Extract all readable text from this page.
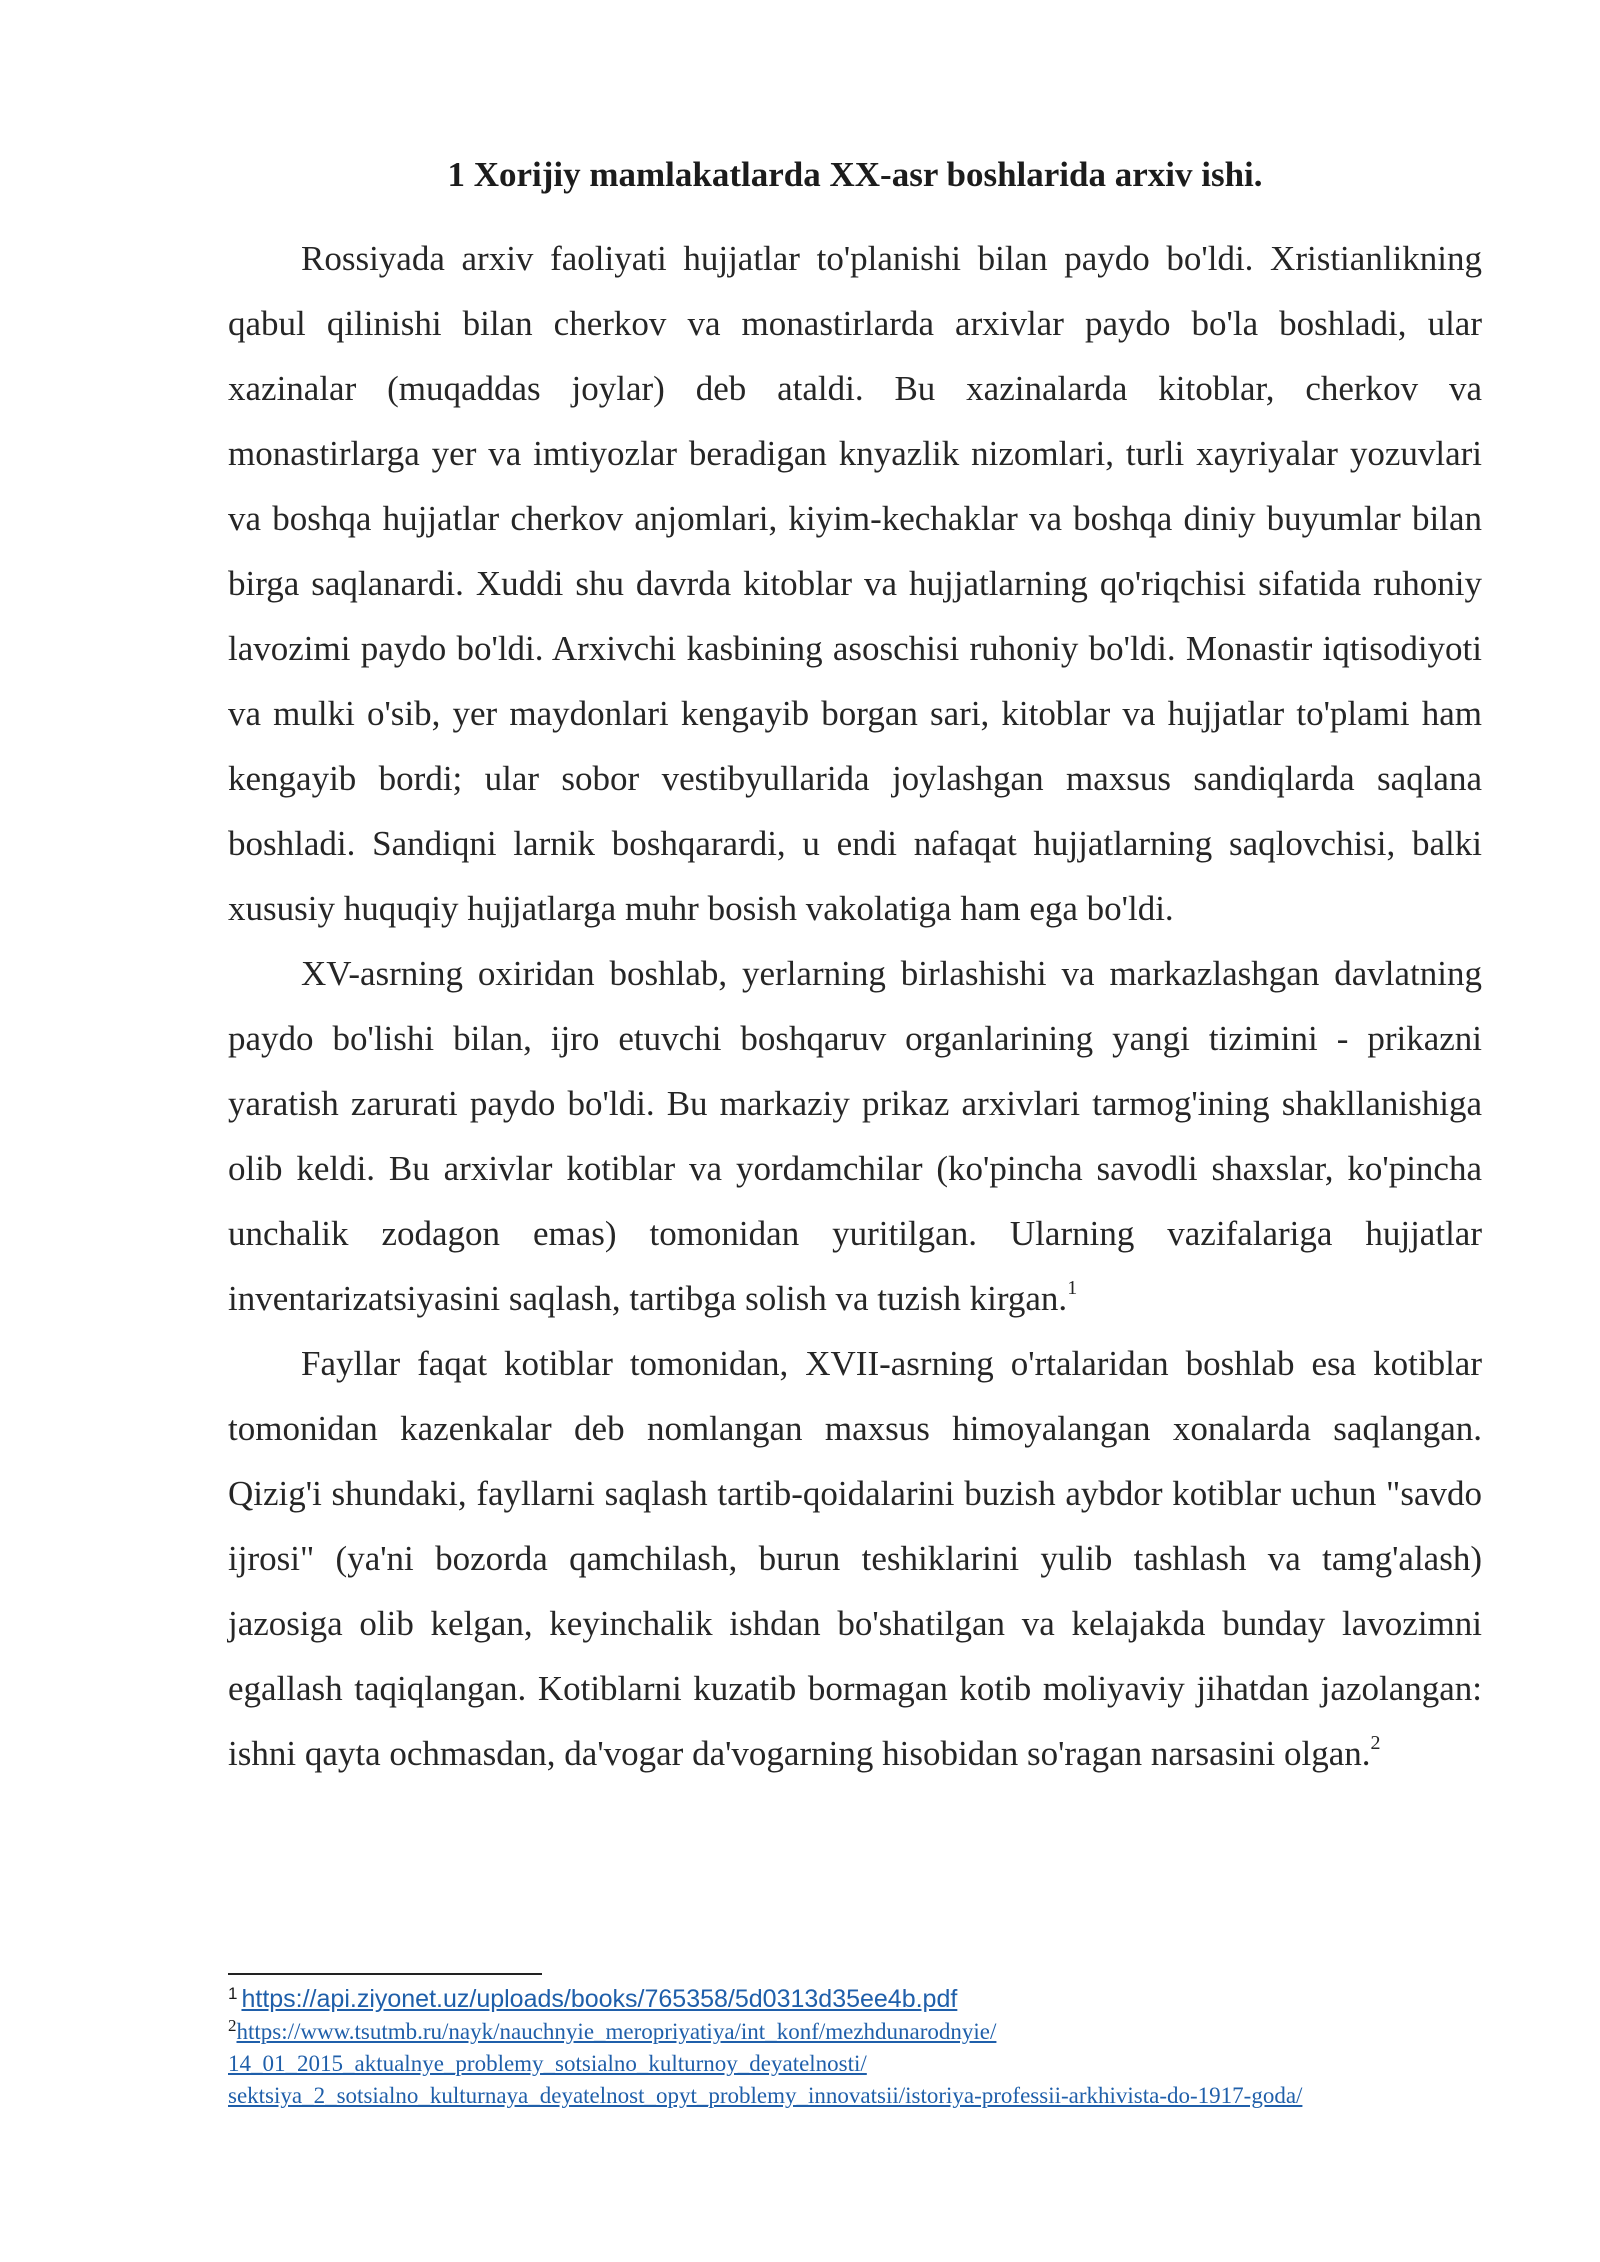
1 Xorijiy mamlakatlarda XX-asr boshlarida arxiv ishi.

Rossiyada arxiv faoliyati hujjatlar to'planishi bilan paydo bo'ldi. Xristianlikning qabul qilinishi bilan cherkov va monastirlarda arxivlar paydo bo'la boshladi, ular xazinalar (muqaddas joylar) deb ataldi. Bu xazinalarda kitoblar, cherkov va monastirlarga yer va imtiyozlar beradigan knyazlik nizomlari, turli xayriyalar yozuvlari va boshqa hujjatlar cherkov anjomlari, kiyim-kechaklar va boshqa diniy buyumlar bilan birga saqlanardi. Xuddi shu davrda kitoblar va hujjatlarning qo'riqchisi sifatida ruhoniy lavozimi paydo bo'ldi. Arxivchi kasbining asoschisi ruhoniy bo'ldi. Monastir iqtisodiyoti va mulki o'sib, yer maydonlari kengayib borgan sari, kitoblar va hujjatlar to'plami ham kengayib bordi; ular sobor vestibyullarida joylashgan maxsus sandiqlarda saqlana boshladi. Sandiqni larnik boshqarardi, u endi nafaqat hujjatlarning saqlovchisi, balki xususiy huquqiy hujjatlarga muhr bosish vakolatiga ham ega bo'ldi.

XV-asrning oxiridan boshlab, yerlarning birlashishi va markazlashgan davlatning paydo bo'lishi bilan, ijro etuvchi boshqaruv organlarining yangi tizimini - prikazni yaratish zarurati paydo bo'ldi. Bu markaziy prikaz arxivlari tarmog'ining shakllanishiga olib keldi. Bu arxivlar kotiblar va yordamchilar (ko'pincha savodli shaxslar, ko'pincha unchalik zodagon emas) tomonidan yuritilgan. Ularning vazifalariga hujjatlar inventarizatsiyasini saqlash, tartibga solish va tuzish kirgan.$^1$

Fayllar faqat kotiblar tomonidan, XVII-asrning o'rtalaridan boshlab esa kotiblar tomonidan kazenkalar deb nomlangan maxsus himoyalangan xonalarda saqlangan. Qizig'i shundaki, fayllarni saqlash tartib-qoidalarini buzish aybdor kotiblar uchun "savdo ijrosi" (ya'ni bozorda qamchilash, burun teshiklarini yulib tashlash va tamg'alash) jazosiga olib kelgan, keyinchalik ishdan bo'shatilgan va kelajakda bunday lavozimni egallash taqiqlangan. Kotiblarni kuzatib bormagan kotib moliyaviy jihatdan jazolangan: ishni qayta ochmasdan, da'vogar da'vogarning hisobidan so'ragan narsasini olgan.$^2$

$^1$ https://api.ziyonet.uz/uploads/books/765358/5d0313d35ee4b.pdf
$^2$https://www.tsutmb.ru/nayk/nauchnyie_meropriyatiya/int_konf/mezhdunarodnyie/
14_01_2015_aktualnye_problemy_sotsialno_kulturnoy_deyatelnosti/
sektsiya_2_sotsialno_kulturnaya_deyatelnost_opyt_problemy_innovatsii/istoriya-professii-arkhivista-do-1917-goda/
